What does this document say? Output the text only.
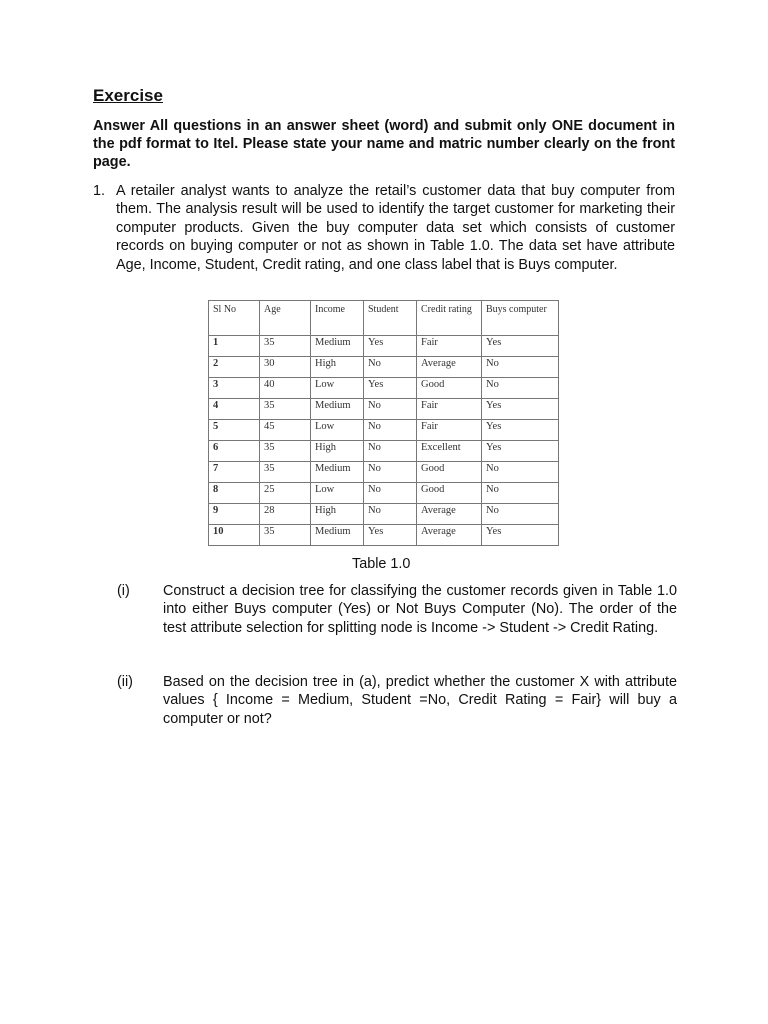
Exercise
Answer All questions in an answer sheet (word) and submit only ONE document in the pdf format to Itel. Please state your name and matric number clearly on the front page.
1. A retailer analyst wants to analyze the retail’s customer data that buy computer from them. The analysis result will be used to identify the target customer for marketing their computer products. Given the buy computer data set which consists of customer records on buying computer or not as shown in Table 1.0. The data set have attribute Age, Income, Student, Credit rating, and one class label that is Buys computer.
Sl No	Age	Income	Student	Credit rating	Buys computer
1	35	Medium	Yes	Fair	Yes
2	30	High	No	Average	No
3	40	Low	Yes	Good	No
4	35	Medium	No	Fair	Yes
5	45	Low	No	Fair	Yes
6	35	High	No	Excellent	Yes
7	35	Medium	No	Good	No
8	25	Low	No	Good	No
9	28	High	No	Average	No
10	35	Medium	Yes	Average	Yes
Table 1.0
(i) Construct a decision tree for classifying the customer records given in Table 1.0 into either Buys computer (Yes) or Not Buys Computer (No). The order of the test attribute selection for splitting node is Income -> Student -> Credit Rating.
(ii) Based on the decision tree in (a), predict whether the customer X with attribute values { Income = Medium, Student =No, Credit Rating = Fair} will buy a computer or not?
